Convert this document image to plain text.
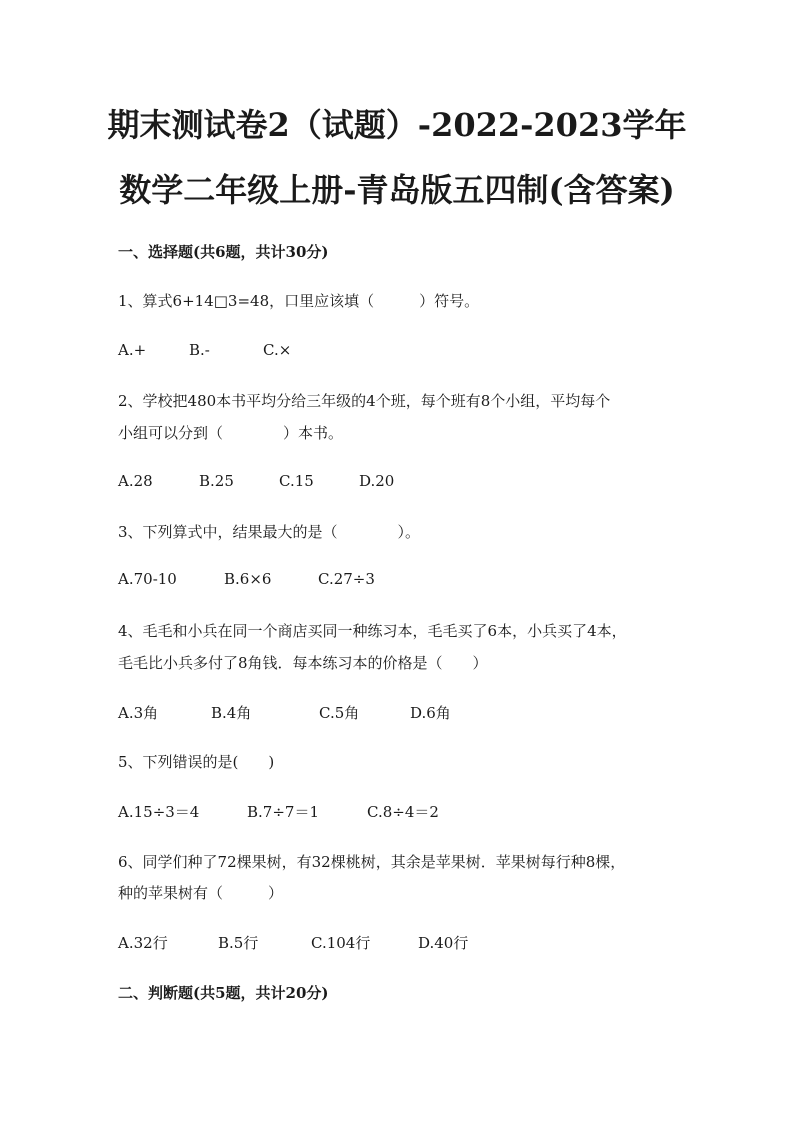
期末测试卷2（试题）-2022-2023学年
数学二年级上册-青岛版五四制(含答案)
一、选择题(共6题，共计30分)
1、算式6+14□3=48，口里应该填（　　　）符号。
A.+	B.-	C.×
2、学校把480本书平均分给三年级的4个班，每个班有8个小组，平均每个
小组可以分到（　　　　）本书。
A.28	B.25	C.15	D.20
3、下列算式中，结果最大的是（　　　　）。
A.70-10	B.6×6	C.27÷3
4、毛毛和小兵在同一个商店买同一种练习本，毛毛买了6本，小兵买了4本，
毛毛比小兵多付了8角钱．每本练习本的价格是（　　）
A.3角	B.4角	C.5角	D.6角
5、下列错误的是(　　)
A.15÷3＝4	B.7÷7＝1	C.8÷4＝2
6、同学们种了72棵果树，有32棵桃树，其余是苹果树．苹果树每行种8棵，
种的苹果树有（　　　）
A.32行	B.5行	C.104行	D.40行
二、判断题(共5题，共计20分)
